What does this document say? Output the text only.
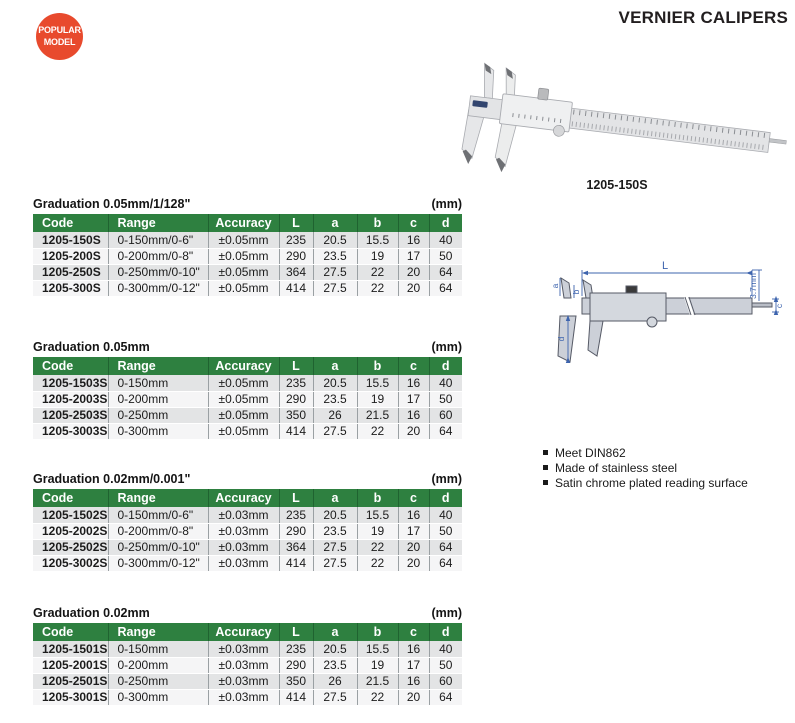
POPULAR
MODEL
VERNIER CALIPERS
1205-150S
L
a
b
d
3.7mm
c
Meet DIN862
Made of stainless steel
Satin chrome plated reading surface
Graduation 0.05mm/1/128"	(mm)
Code	Range	Accuracy	L	a	b	c	d
1205-150S	0-150mm/0-6"	±0.05mm	235	20.5	15.5	16	40
1205-200S	0-200mm/0-8"	±0.05mm	290	23.5	19	17	50
1205-250S	0-250mm/0-10"	±0.05mm	364	27.5	22	20	64
1205-300S	0-300mm/0-12"	±0.05mm	414	27.5	22	20	64
Graduation 0.05mm	(mm)
Code	Range	Accuracy	L	a	b	c	d
1205-1503S	0-150mm	±0.05mm	235	20.5	15.5	16	40
1205-2003S	0-200mm	±0.05mm	290	23.5	19	17	50
1205-2503S	0-250mm	±0.05mm	350	26	21.5	16	60
1205-3003S	0-300mm	±0.05mm	414	27.5	22	20	64
Graduation 0.02mm/0.001"	(mm)
Code	Range	Accuracy	L	a	b	c	d
1205-1502S	0-150mm/0-6"	±0.03mm	235	20.5	15.5	16	40
1205-2002S	0-200mm/0-8"	±0.03mm	290	23.5	19	17	50
1205-2502S	0-250mm/0-10"	±0.03mm	364	27.5	22	20	64
1205-3002S	0-300mm/0-12"	±0.03mm	414	27.5	22	20	64
Graduation 0.02mm	(mm)
Code	Range	Accuracy	L	a	b	c	d
1205-1501S	0-150mm	±0.03mm	235	20.5	15.5	16	40
1205-2001S	0-200mm	±0.03mm	290	23.5	19	17	50
1205-2501S	0-250mm	±0.03mm	350	26	21.5	16	60
1205-3001S	0-300mm	±0.03mm	414	27.5	22	20	64
